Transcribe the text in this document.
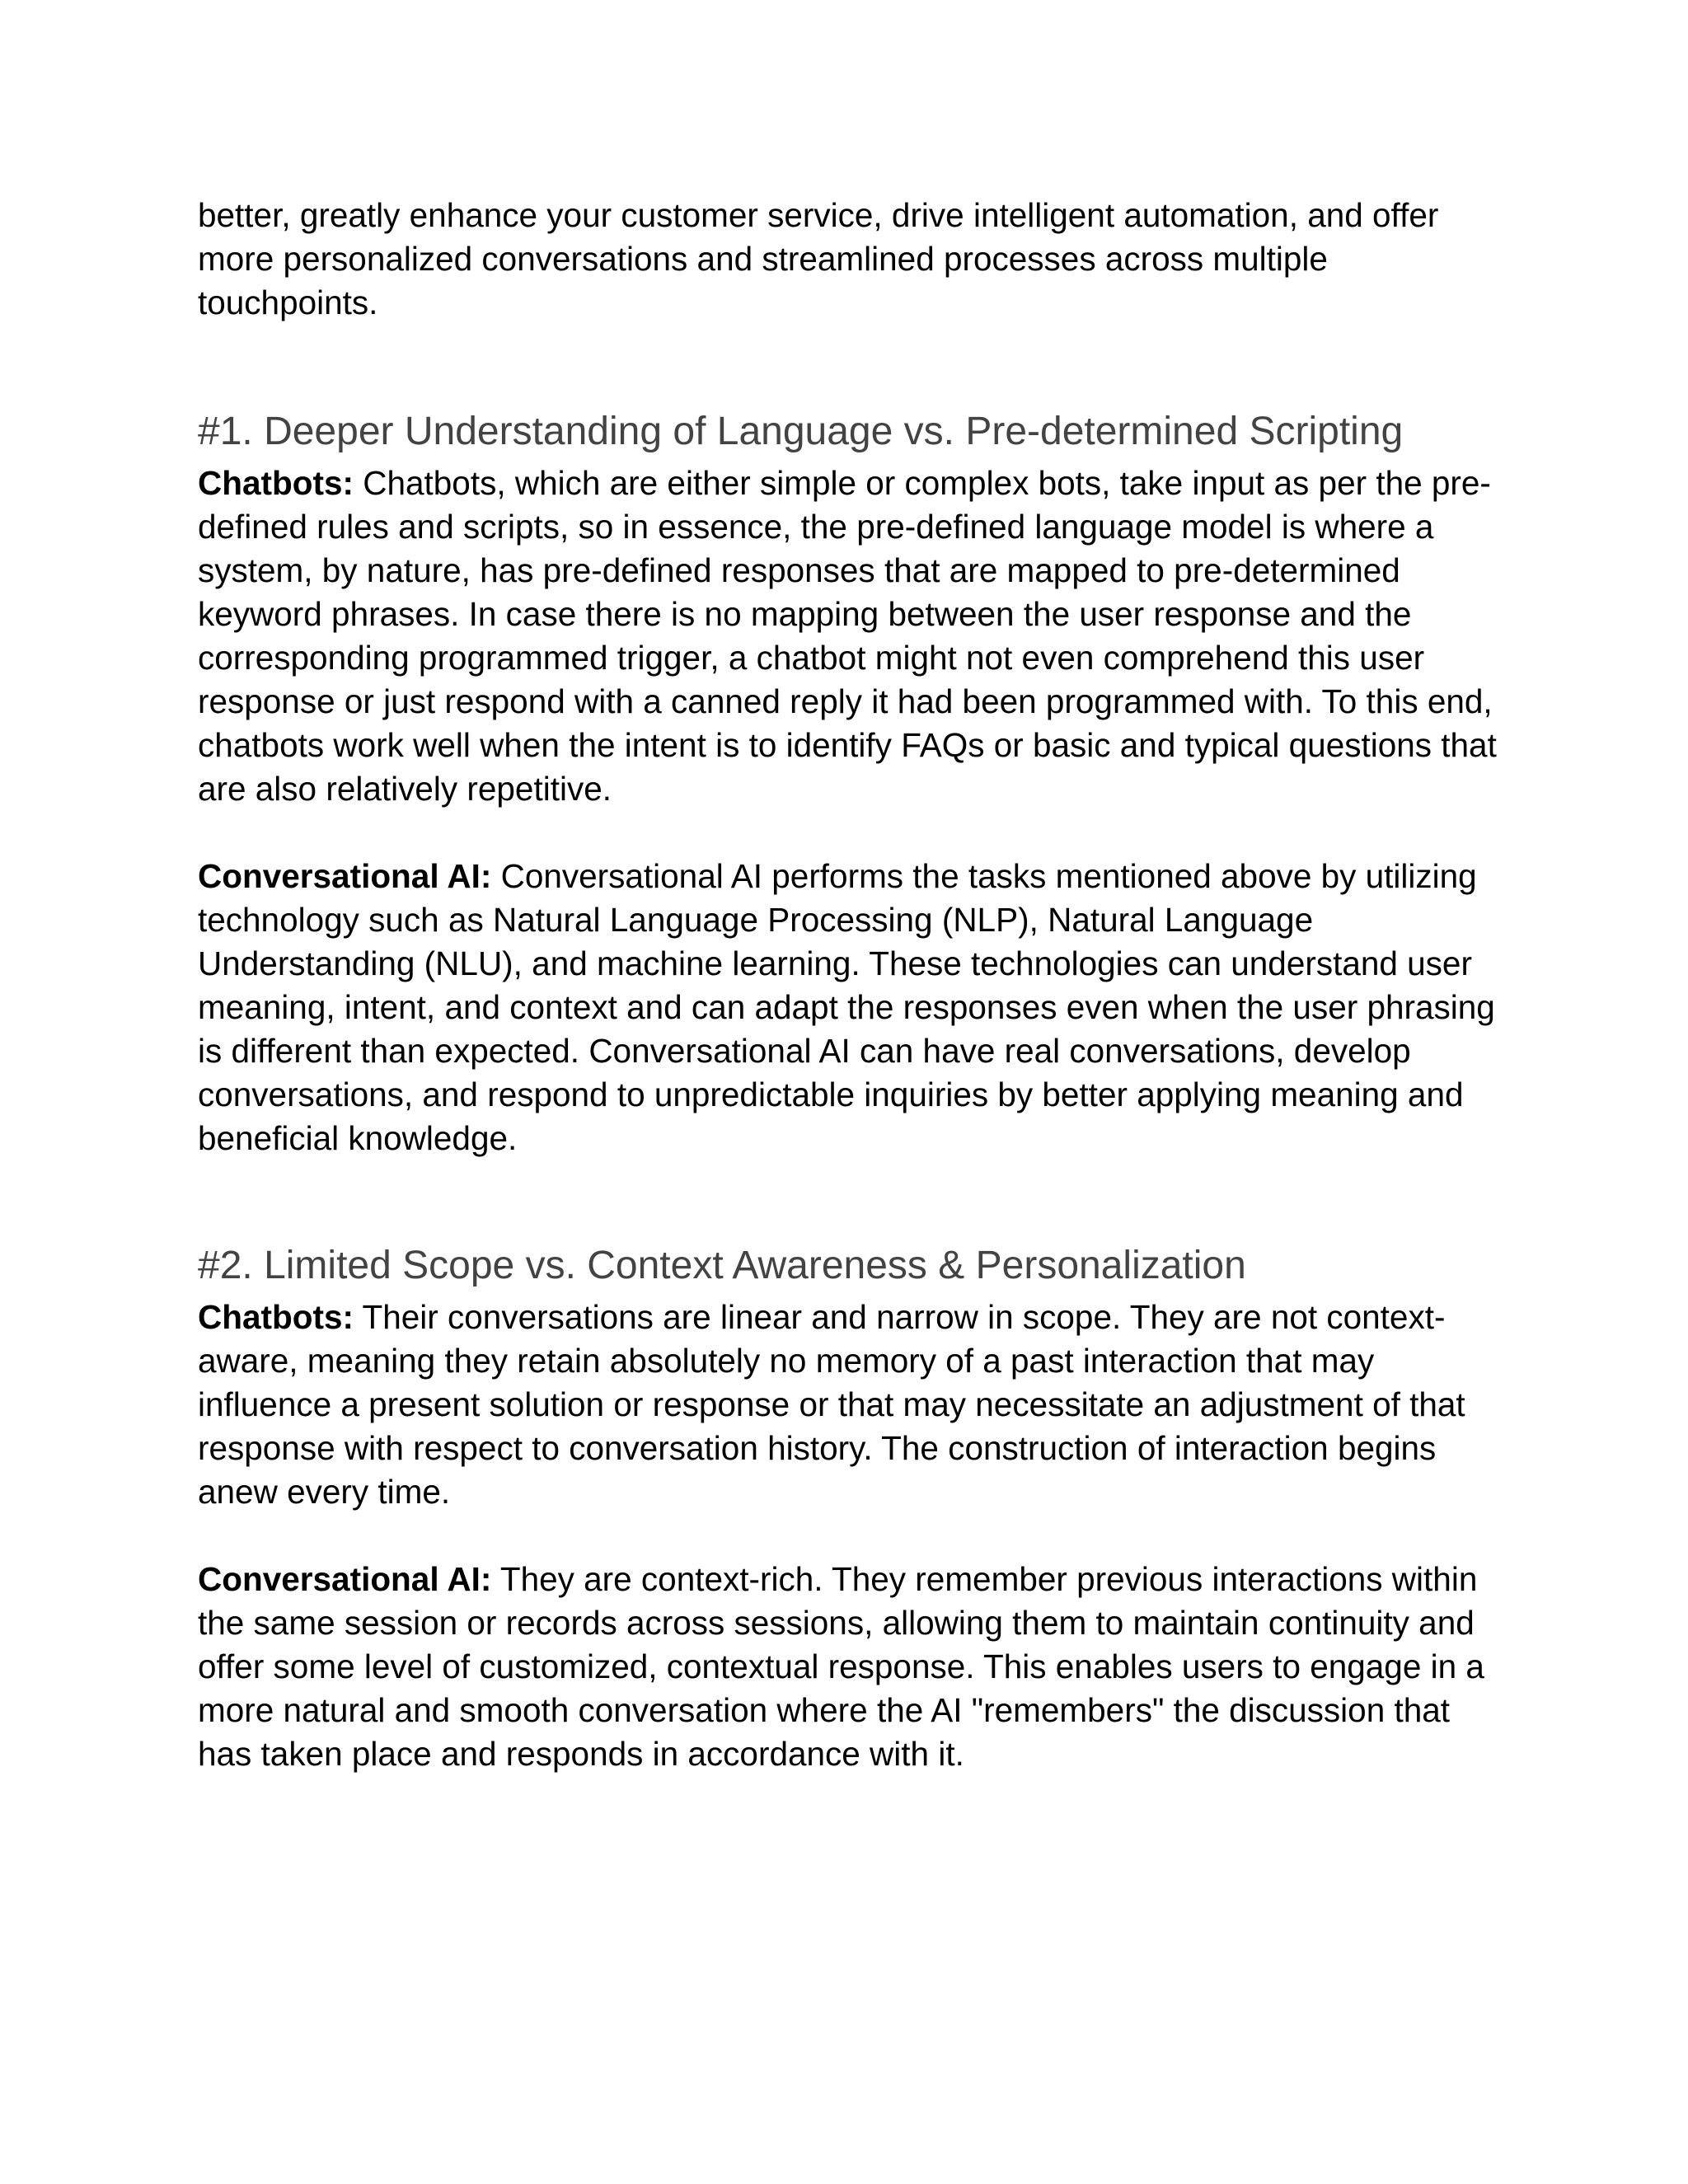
better, greatly enhance your customer service, drive intelligent automation, and offer more personalized conversations and streamlined processes across multiple touchpoints.

#1. Deeper Understanding of Language vs. Pre-determined Scripting

Chatbots: Chatbots, which are either simple or complex bots, take input as per the pre-defined rules and scripts, so in essence, the pre-defined language model is where a system, by nature, has pre-defined responses that are mapped to pre-determined keyword phrases. In case there is no mapping between the user response and the corresponding programmed trigger, a chatbot might not even comprehend this user response or just respond with a canned reply it had been programmed with. To this end, chatbots work well when the intent is to identify FAQs or basic and typical questions that are also relatively repetitive.

Conversational AI: Conversational AI performs the tasks mentioned above by utilizing technology such as Natural Language Processing (NLP), Natural Language Understanding (NLU), and machine learning. These technologies can understand user meaning, intent, and context and can adapt the responses even when the user phrasing is different than expected. Conversational AI can have real conversations, develop conversations, and respond to unpredictable inquiries by better applying meaning and beneficial knowledge.

#2. Limited Scope vs. Context Awareness & Personalization

Chatbots: Their conversations are linear and narrow in scope. They are not context-aware, meaning they retain absolutely no memory of a past interaction that may influence a present solution or response or that may necessitate an adjustment of that response with respect to conversation history. The construction of interaction begins anew every time.

Conversational AI: They are context-rich. They remember previous interactions within the same session or records across sessions, allowing them to maintain continuity and offer some level of customized, contextual response. This enables users to engage in a more natural and smooth conversation where the AI "remembers" the discussion that has taken place and responds in accordance with it.
